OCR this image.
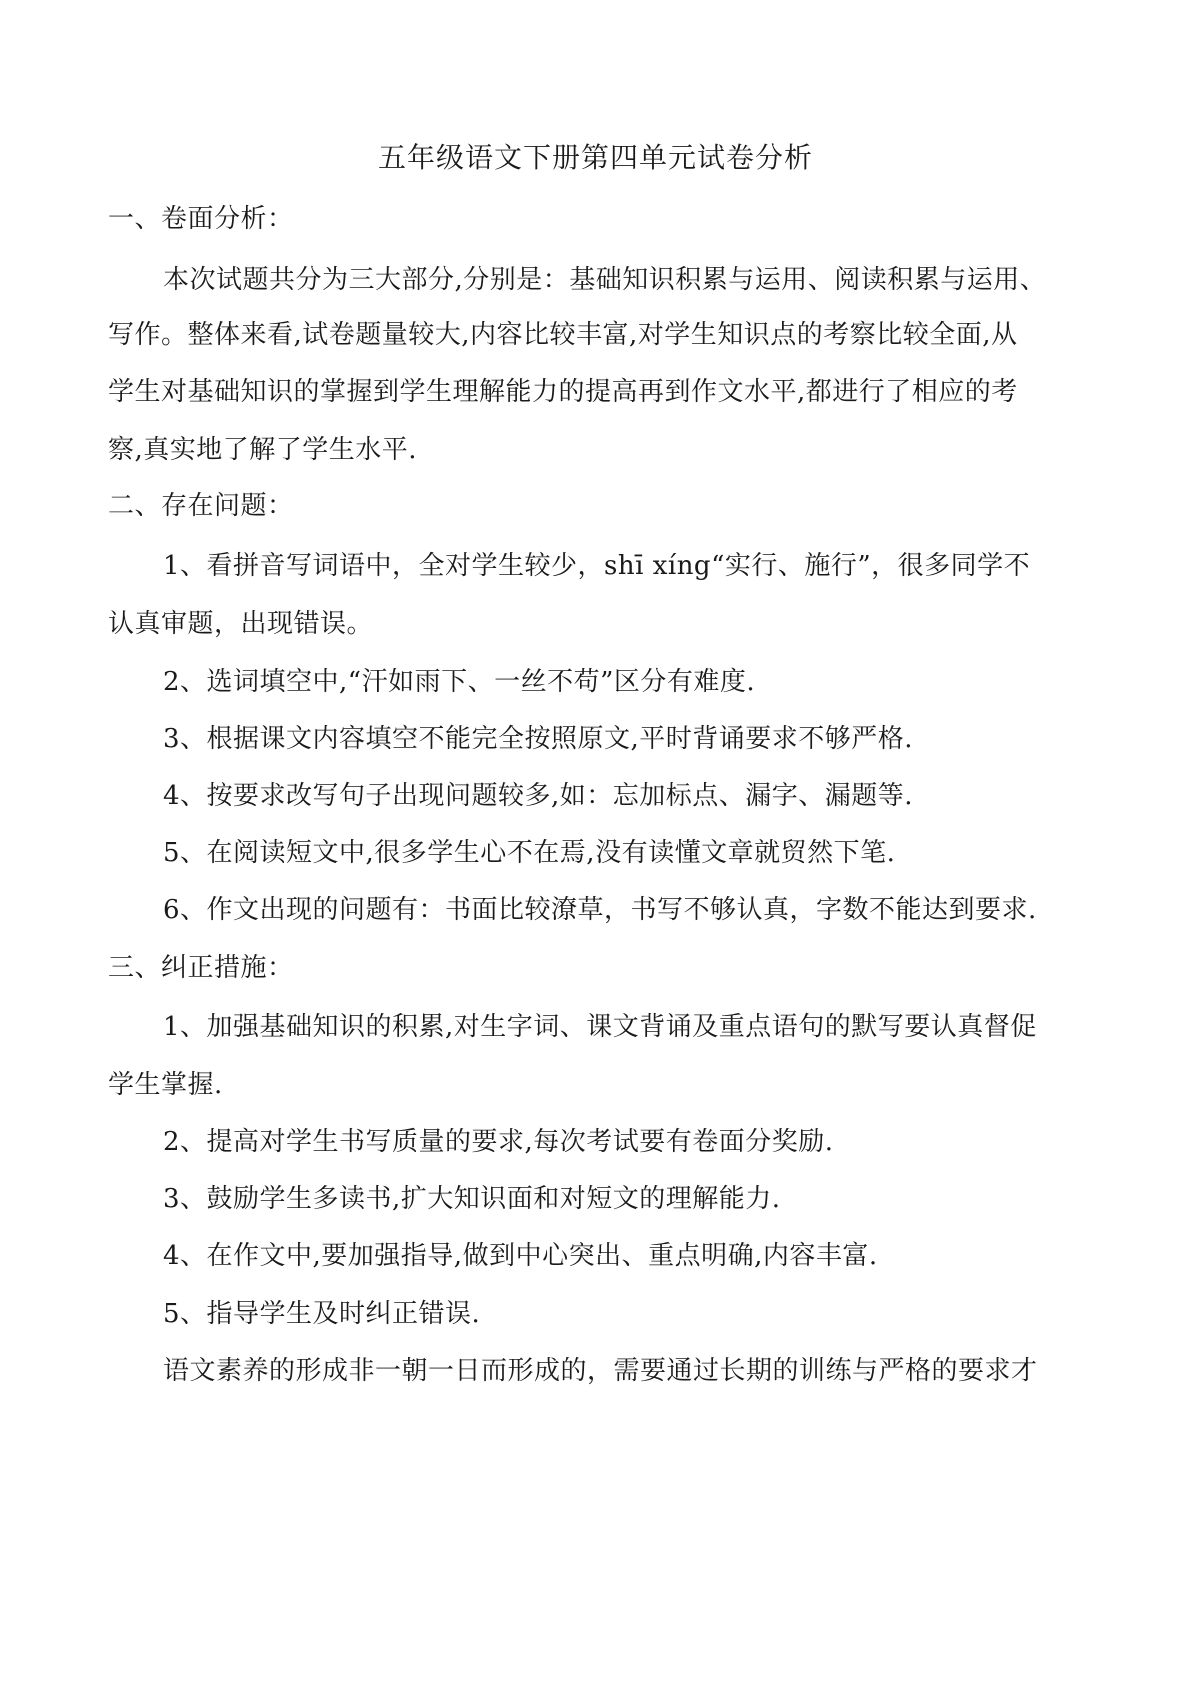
五年级语文下册第四单元试卷分析
一、卷面分析：
本次试题共分为三大部分,分别是：基础知识积累与运用、阅读积累与运用、
写作。整体来看,试卷题量较大,内容比较丰富,对学生知识点的考察比较全面,从
学生对基础知识的掌握到学生理解能力的提高再到作文水平,都进行了相应的考
察,真实地了解了学生水平.
二、存在问题：
1、看拼音写词语中，全对学生较少，shī xíng“实行、施行”，很多同学不
认真审题，出现错误。
2、选词填空中,“汗如雨下、一丝不苟”区分有难度.
3、根据课文内容填空不能完全按照原文,平时背诵要求不够严格.
4、按要求改写句子出现问题较多,如：忘加标点、漏字、漏题等.
5、在阅读短文中,很多学生心不在焉,没有读懂文章就贸然下笔.
6、作文出现的问题有：书面比较潦草，书写不够认真，字数不能达到要求.
三、纠正措施：
1、加强基础知识的积累,对生字词、课文背诵及重点语句的默写要认真督促
学生掌握.
2、提高对学生书写质量的要求,每次考试要有卷面分奖励.
3、鼓励学生多读书,扩大知识面和对短文的理解能力.
4、在作文中,要加强指导,做到中心突出、重点明确,内容丰富.
5、指导学生及时纠正错误.
语文素养的形成非一朝一日而形成的，需要通过长期的训练与严格的要求才
